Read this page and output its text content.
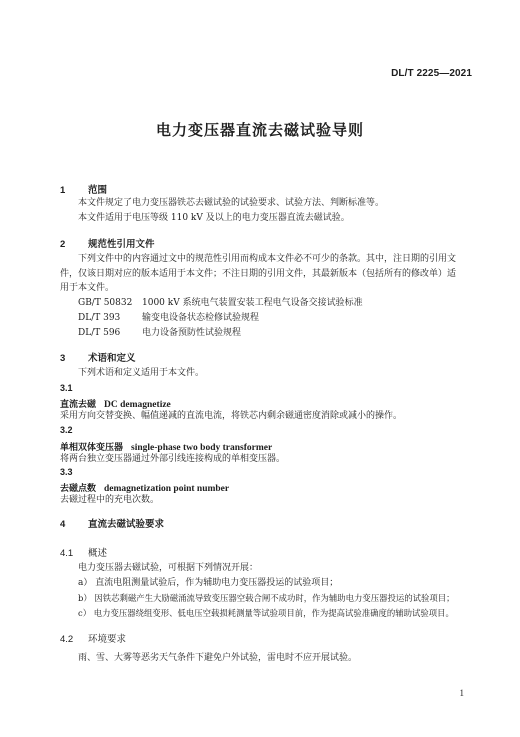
DL/T 2225—2021
电力变压器直流去磁试验导则
1 范围
本文件规定了电力变压器铁芯去磁试验的试验要求、试验方法、判断标准等。
本文件适用于电压等级 110 kV 及以上的电力变压器直流去磁试验。
2 规范性引用文件
下列文件中的内容通过文中的规范性引用而构成本文件必不可少的条款。其中，注日期的引用文件，仅该日期对应的版本适用于本文件；不注日期的引用文件，其最新版本（包括所有的修改单）适用于本文件。
GB/T 50832 1000 kV 系统电气装置安装工程电气设备交接试验标准
DL/T 393 输变电设备状态检修试验规程
DL/T 596 电力设备预防性试验规程
3 术语和定义
下列术语和定义适用于本文件。
3.1
直流去磁 DC demagnetize
采用方向交替变换、幅值递减的直流电流，将铁芯内剩余磁通密度消除或减小的操作。
3.2
单相双体变压器 single-phase two body transformer
将两台独立变压器通过外部引线连接构成的单相变压器。
3.3
去磁点数 demagnetization point number
去磁过程中的充电次数。
4 直流去磁试验要求
4.1 概述
电力变压器去磁试验，可根据下列情况开展：
a） 直流电阻测量试验后，作为辅助电力变压器投运的试验项目；
b） 因铁芯剩磁产生大励磁涌流导致变压器空载合闸不成功时，作为辅助电力变压器投运的试验项目；
c） 电力变压器绕组变形、低电压空载损耗测量等试验项目前，作为提高试验准确度的辅助试验项目。
4.2 环境要求
雨、雪、大雾等恶劣天气条件下避免户外试验，雷电时不应开展试验。
1
